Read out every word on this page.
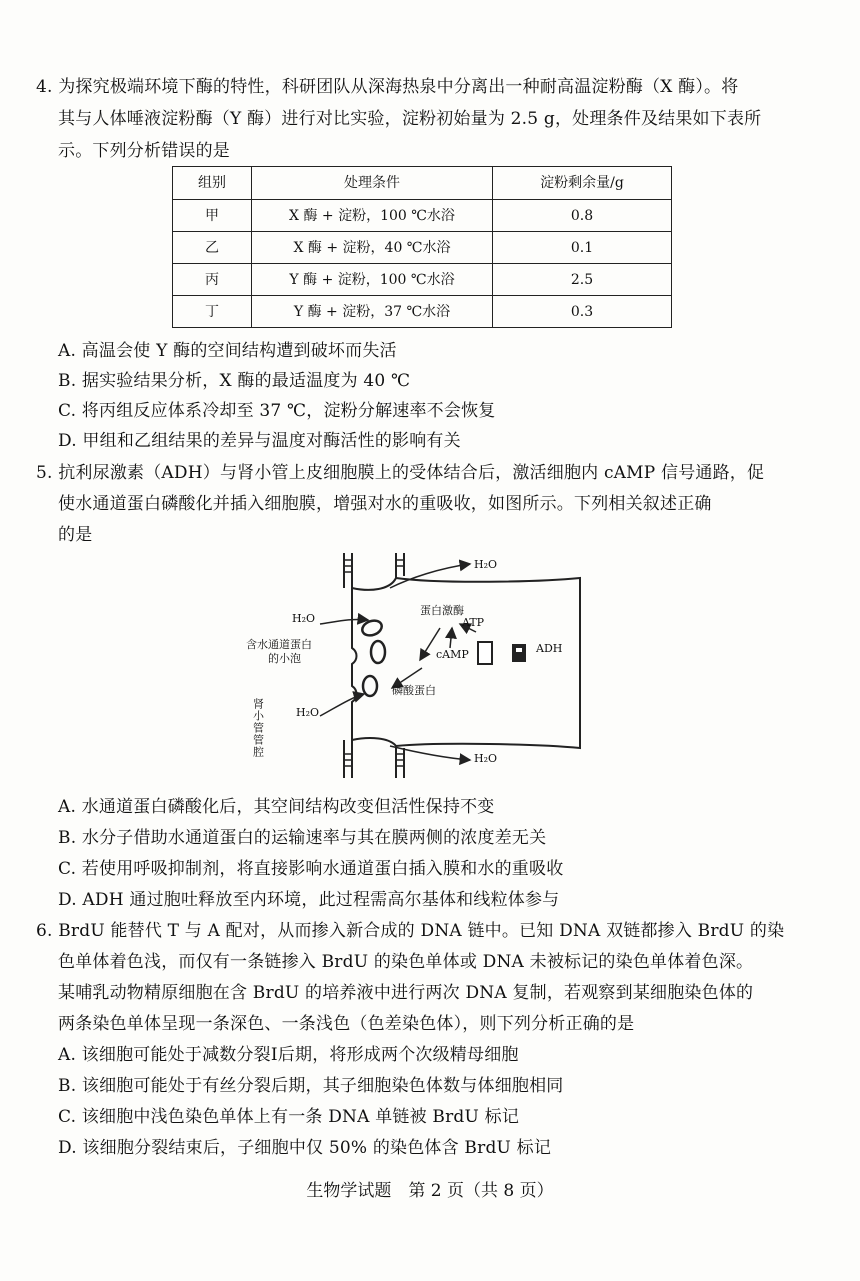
4. 为探究极端环境下酶的特性，科研团队从深海热泉中分离出一种耐高温淀粉酶（X 酶）。将
其与人体唾液淀粉酶（Y 酶）进行对比实验，淀粉初始量为 2.5 g，处理条件及结果如下表所
示。下列分析错误的是
组别	处理条件	淀粉剩余量/g
甲	X 酶 + 淀粉，100 ℃水浴	0.8
乙	X 酶 + 淀粉，40 ℃水浴	0.1
丙	Y 酶 + 淀粉，100 ℃水浴	2.5
丁	Y 酶 + 淀粉，37 ℃水浴	0.3
A. 高温会使 Y 酶的空间结构遭到破坏而失活
B. 据实验结果分析，X 酶的最适温度为 40 ℃
C. 将丙组反应体系冷却至 37 ℃，淀粉分解速率不会恢复
D. 甲组和乙组结果的差异与温度对酶活性的影响有关
5. 抗利尿激素（ADH）与肾小管上皮细胞膜上的受体结合后，激活细胞内 cAMP 信号通路，促
使水通道蛋白磷酸化并插入细胞膜，增强对水的重吸收，如图所示。下列相关叙述正确
的是
H₂O
H₂O
H₂O
H₂O
蛋白激酶
ATP
cAMP	ADH
含水通道蛋白
的小泡
磷酸蛋白
肾小管管腔
A. 水通道蛋白磷酸化后，其空间结构改变但活性保持不变
B. 水分子借助水通道蛋白的运输速率与其在膜两侧的浓度差无关
C. 若使用呼吸抑制剂，将直接影响水通道蛋白插入膜和水的重吸收
D. ADH 通过胞吐释放至内环境，此过程需高尔基体和线粒体参与
6. BrdU 能替代 T 与 A 配对，从而掺入新合成的 DNA 链中。已知 DNA 双链都掺入 BrdU 的染
色单体着色浅，而仅有一条链掺入 BrdU 的染色单体或 DNA 未被标记的染色单体着色深。
某哺乳动物精原细胞在含 BrdU 的培养液中进行两次 DNA 复制，若观察到某细胞染色体的
两条染色单体呈现一条深色、一条浅色（色差染色体），则下列分析正确的是
A. 该细胞可能处于减数分裂Ⅰ后期，将形成两个次级精母细胞
B. 该细胞可能处于有丝分裂后期，其子细胞染色体数与体细胞相同
C. 该细胞中浅色染色单体上有一条 DNA 单链被 BrdU 标记
D. 该细胞分裂结束后，子细胞中仅 50% 的染色体含 BrdU 标记
生物学试题　第 2 页（共 8 页）
